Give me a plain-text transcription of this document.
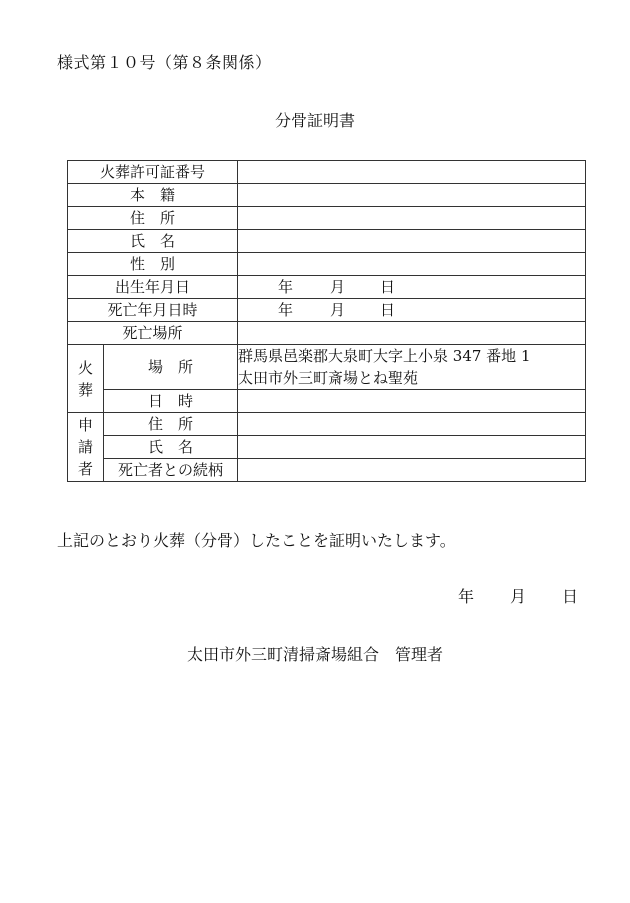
様式第１０号（第８条関係）
分骨証明書
火葬許可証番号		
本　籍		
住　所		
氏　名		
性　別		
出生年月日		年 月 日
死亡年月日時		年 月 日
死亡場所		
火葬	場　所	群馬県邑楽郡大泉町大字上小泉 347 番地 1
太田市外三町斎場とね聖苑

	日　時	
申請者	住　所	
	氏　名	
	死亡者との続柄	
上記のとおり火葬（分骨）したことを証明いたします。
年 月 日
太田市外三町清掃斎場組合　管理者
